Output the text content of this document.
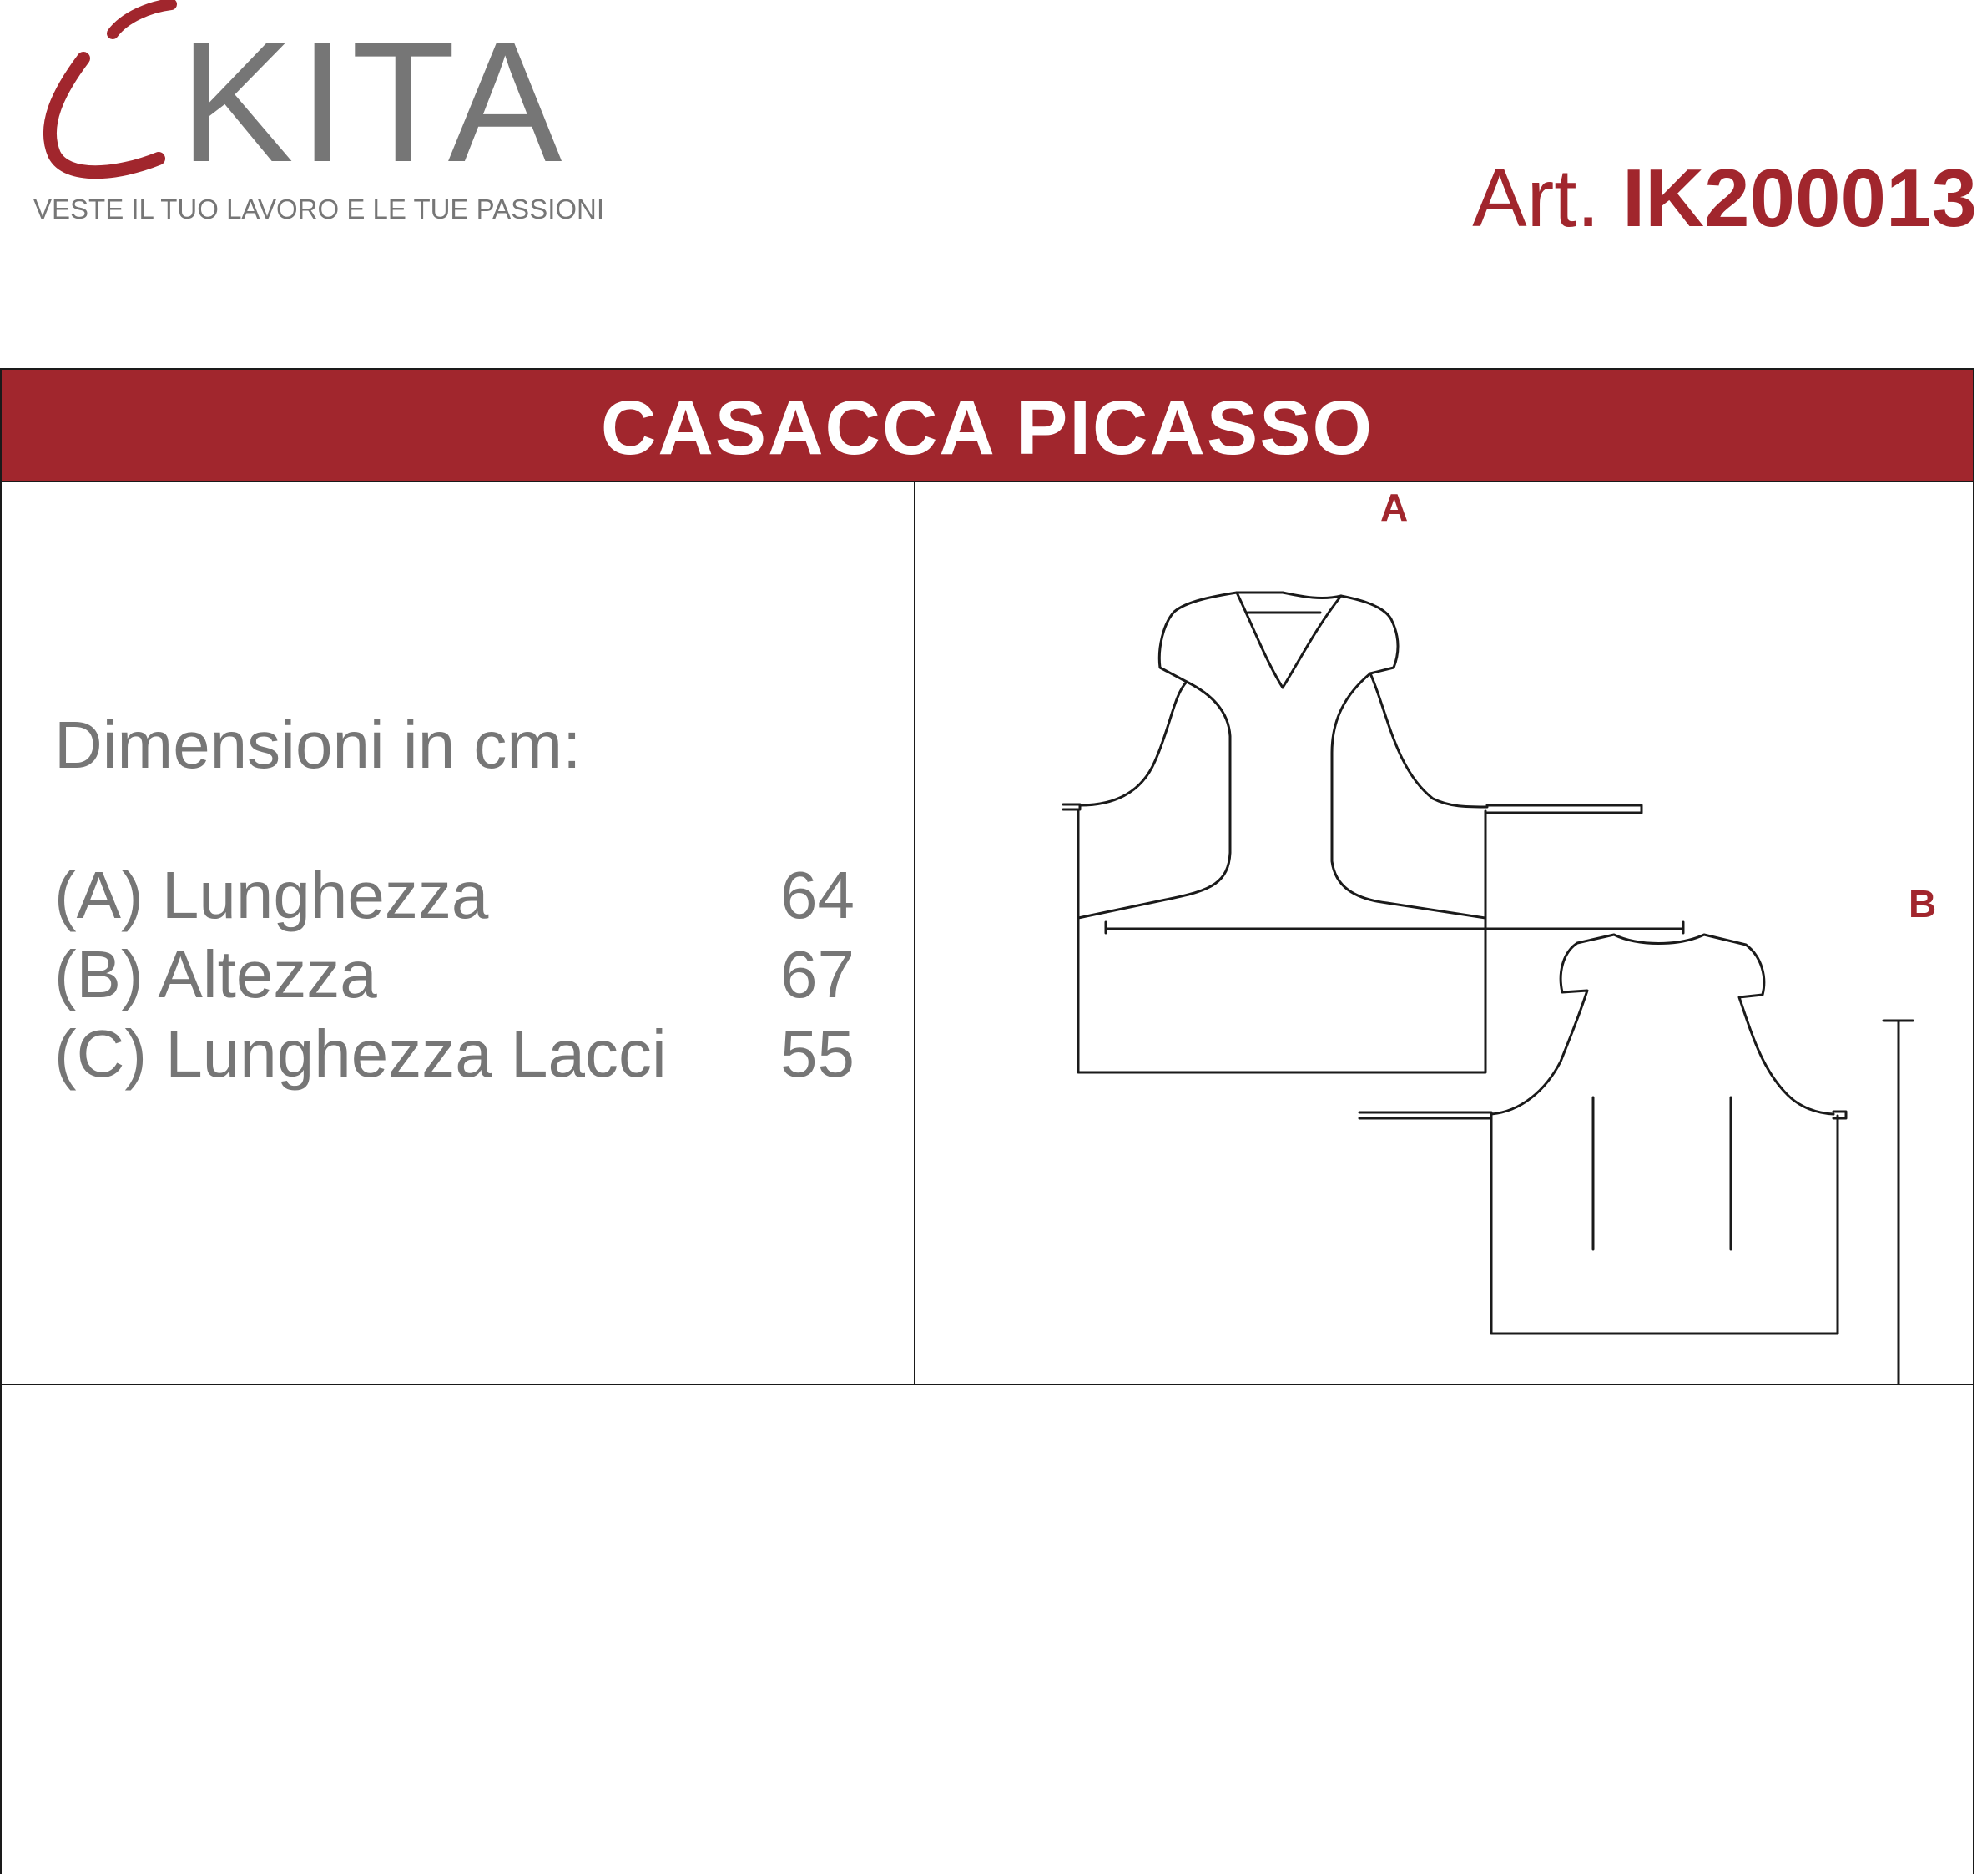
KITA
VESTE IL TUO LAVORO E LE TUE PASSIONI	Art. IK200013
CASACCA PICASSO
Dimensioni in cm:
(A) Lunghezza	64
(B) Altezza	67
(C) Lunghezza Lacci 55
A
B
